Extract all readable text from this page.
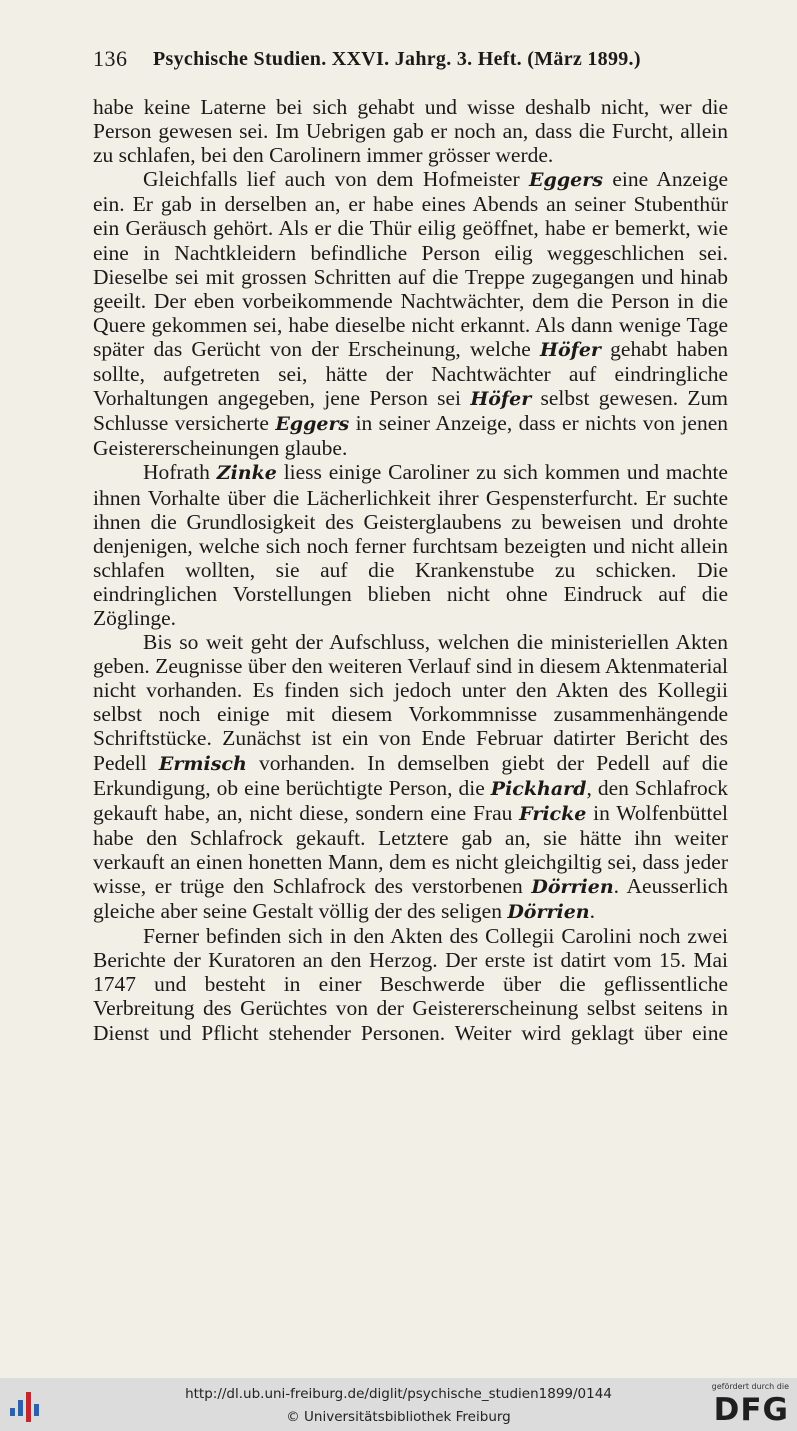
136 Psychische Studien. XXVI. Jahrg. 3. Heft. (März 1899.)

habe keine Laterne bei sich gehabt und wisse deshalb nicht, wer die Person gewesen sei. Im Uebrigen gab er noch an, dass die Furcht, allein zu schlafen, bei den Carolinern immer grösser werde.

Gleichfalls lief auch von dem Hofmeister Eggers eine Anzeige ein. Er gab in derselben an, er habe eines Abends an seiner Stubenthür ein Geräusch gehört. Als er die Thür eilig geöffnet, habe er bemerkt, wie eine in Nachtkleidern befindliche Person eilig weggeschlichen sei. Dieselbe sei mit grossen Schritten auf die Treppe zugegangen und hinab geeilt. Der eben vorbeikommende Nachtwächter, dem die Person in die Quere gekommen sei, habe dieselbe nicht erkannt. Als dann wenige Tage später das Gerücht von der Erscheinung, welche Höfer gehabt haben sollte, aufgetreten sei, hätte der Nachtwächter auf eindringliche Vorhaltungen angegeben, jene Person sei Höfer selbst gewesen. Zum Schlusse versicherte Eggers in seiner Anzeige, dass er nichts von jenen Geistererscheinungen glaube.

Hofrath Zinke liess einige Caroliner zu sich kommen und machte ihnen Vorhalte über die Lächerlichkeit ihrer Gespensterfurcht. Er suchte ihnen die Grundlosigkeit des Geisterglaubens zu beweisen und drohte denjenigen, welche sich noch ferner furchtsam bezeigten und nicht allein schlafen wollten, sie auf die Krankenstube zu schicken. Die eindringlichen Vorstellungen blieben nicht ohne Eindruck auf die Zöglinge.

Bis so weit geht der Aufschluss, welchen die ministeriellen Akten geben. Zeugnisse über den weiteren Verlauf sind in diesem Aktenmaterial nicht vorhanden. Es finden sich jedoch unter den Akten des Kollegii selbst noch einige mit diesem Vorkommnisse zusammenhängende Schriftstücke. Zunächst ist ein von Ende Februar datirter Bericht des Pedell Ermisch vorhanden. In demselben giebt der Pedell auf die Erkundigung, ob eine berüchtigte Person, die Pickhard, den Schlafrock gekauft habe, an, nicht diese, sondern eine Frau Fricke in Wolfenbüttel habe den Schlafrock gekauft. Letztere gab an, sie hätte ihn weiter verkauft an einen honetten Mann, dem es nicht gleichgiltig sei, dass jeder wisse, er trüge den Schlafrock des verstorbenen Dörrien. Aeusserlich gleiche aber seine Gestalt völlig der des seligen Dörrien.

Ferner befinden sich in den Akten des Collegii Carolini noch zwei Berichte der Kuratoren an den Herzog. Der erste ist datirt vom 15. Mai 1747 und besteht in einer Beschwerde über die geflissentliche Verbreitung des Gerüchtes von der Geistererscheinung selbst seitens in Dienst und Pflicht stehender Personen. Weiter wird geklagt über eine

http://dl.ub.uni-freiburg.de/diglit/psychische_studien1899/0144
© Universitätsbibliothek Freiburg
gefördert durch die
DFG
